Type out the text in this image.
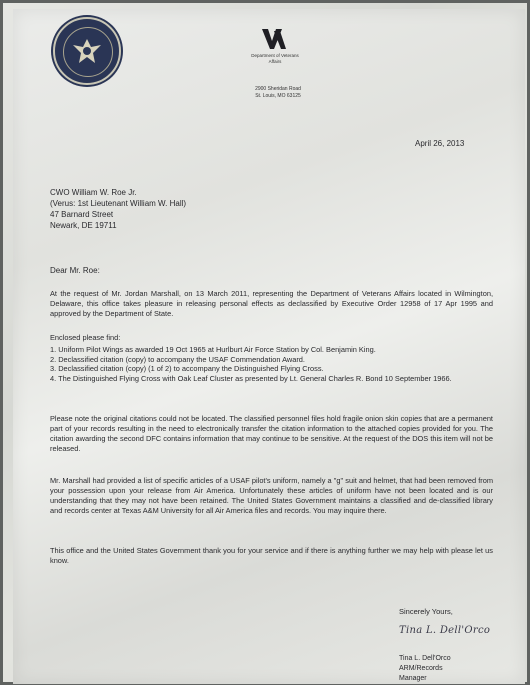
Department of Veterans Affairs
2900 Sheridan Road
St. Louis, MO 63125
April 26, 2013
CWO William W. Roe Jr.
(Verus: 1st Lieutenant William W. Hall)
47 Barnard Street
Newark, DE 19711
Dear Mr. Roe:

At the request of Mr. Jordan Marshall, on 13 March 2011, representing the Department of Veterans Affairs located in Wilmington, Delaware, this office takes pleasure in releasing personal effects as declassified by Executive Order 12958 of 17 Apr 1995 and approved by the Department of State.

Enclosed please find:
1. Uniform Pilot Wings as awarded 19 Oct 1965 at Hurlburt Air Force Station by Col. Benjamin King.
2. Declassified citation (copy) to accompany the USAF Commendation Award.
3. Declassified citation (copy) (1 of 2) to accompany the Distinguished Flying Cross.
4. The Distinguished Flying Cross with Oak Leaf Cluster as presented by Lt. General Charles R. Bond 10 September 1966.

Please note the original citations could not be located. The classified personnel files hold fragile onion skin copies that are a permanent part of your records resulting in the need to electronically transfer the citation information to the attached copies provided for you. The citation awarding the second DFC contains information that may continue to be sensitive. At the request of the DOS this item will not be released.

Mr. Marshall had provided a list of specific articles of a USAF pilot's uniform, namely a "g" suit and helmet, that had been removed from your possession upon your release from Air America. Unfortunately these articles of uniform have not been located and is our understanding that they may not have been retained. The United States Government maintains a classified and de-classified library and records center at Texas A&M University for all Air America files and records. You may inquire there.

This office and the United States Government thank you for your service and if there is anything further we may help with please let us know.

Sincerely Yours,
Tina L. Dell'Orco
Tina L. Dell'Orco
ARM/Records
Manager
